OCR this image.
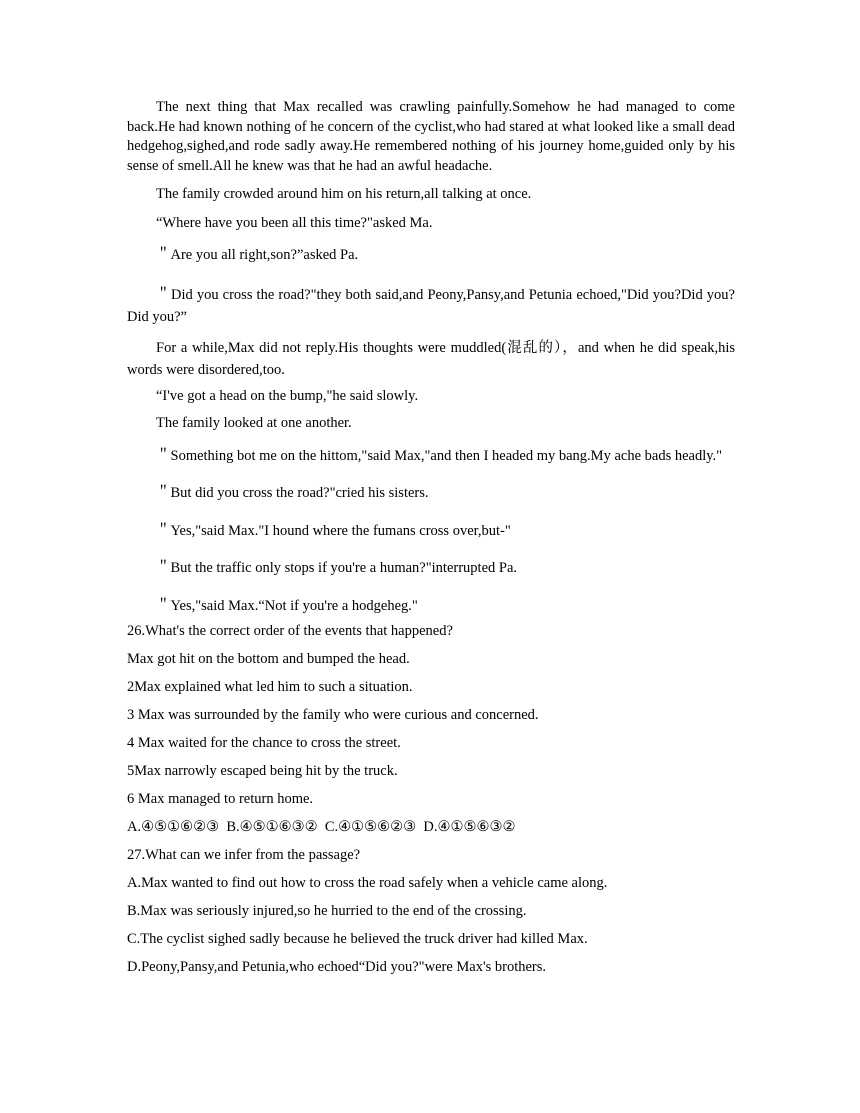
The next thing that Max recalled was crawling painfully.Somehow he had managed to come back.He had known nothing of he concern of the cyclist,who had stared at what looked like a small dead hedgehog,sighed,and rode sadly away.He remembered nothing of his journey home,guided only by his sense of smell.All he knew was that he had an awful headache.

The family crowded around him on his return,all talking at once.

“Where have you been all this time?"asked Ma.

＂Are you all right,son?”asked Pa.

＂Did you cross the road?"they both said,and Peony,Pansy,and Petunia echoed,"Did you?Did you?Did you?”

For a while,Max did not reply.His thoughts were muddled(混乱的），and when he did speak,his words were disordered,too.

“I've got a head on the bump,"he said slowly.

The family looked at one another.

＂Something bot me on the hittom,"said Max,"and then I headed my bang.My ache bads headly."

＂But did you cross the road?"cried his sisters.

＂Yes,"said Max."I hound where the fumans cross over,but-"

＂But the traffic only stops if you're a human?"interrupted Pa.

＂Yes,"said Max.“Not if you're a hodgeheg."

26.What's the correct order of the events that happened?

Max got hit on the bottom and bumped the head.

2Max explained what led him to such a situation.

3 Max was surrounded by the family who were curious and concerned.

4 Max waited for the chance to cross the street.

5Max narrowly escaped being hit by the truck.

6 Max managed to return home.

A.④⑤①⑥②③  B.④⑤①⑥③②  C.④①⑤⑥②③  D.④①⑤⑥③②

27.What can we infer from the passage?

A.Max wanted to find out how to cross the road safely when a vehicle came along.

B.Max was seriously injured,so he hurried to the end of the crossing.

C.The cyclist sighed sadly because he believed the truck driver had killed Max.

D.Peony,Pansy,and Petunia,who echoed“Did you?"were Max's brothers.
